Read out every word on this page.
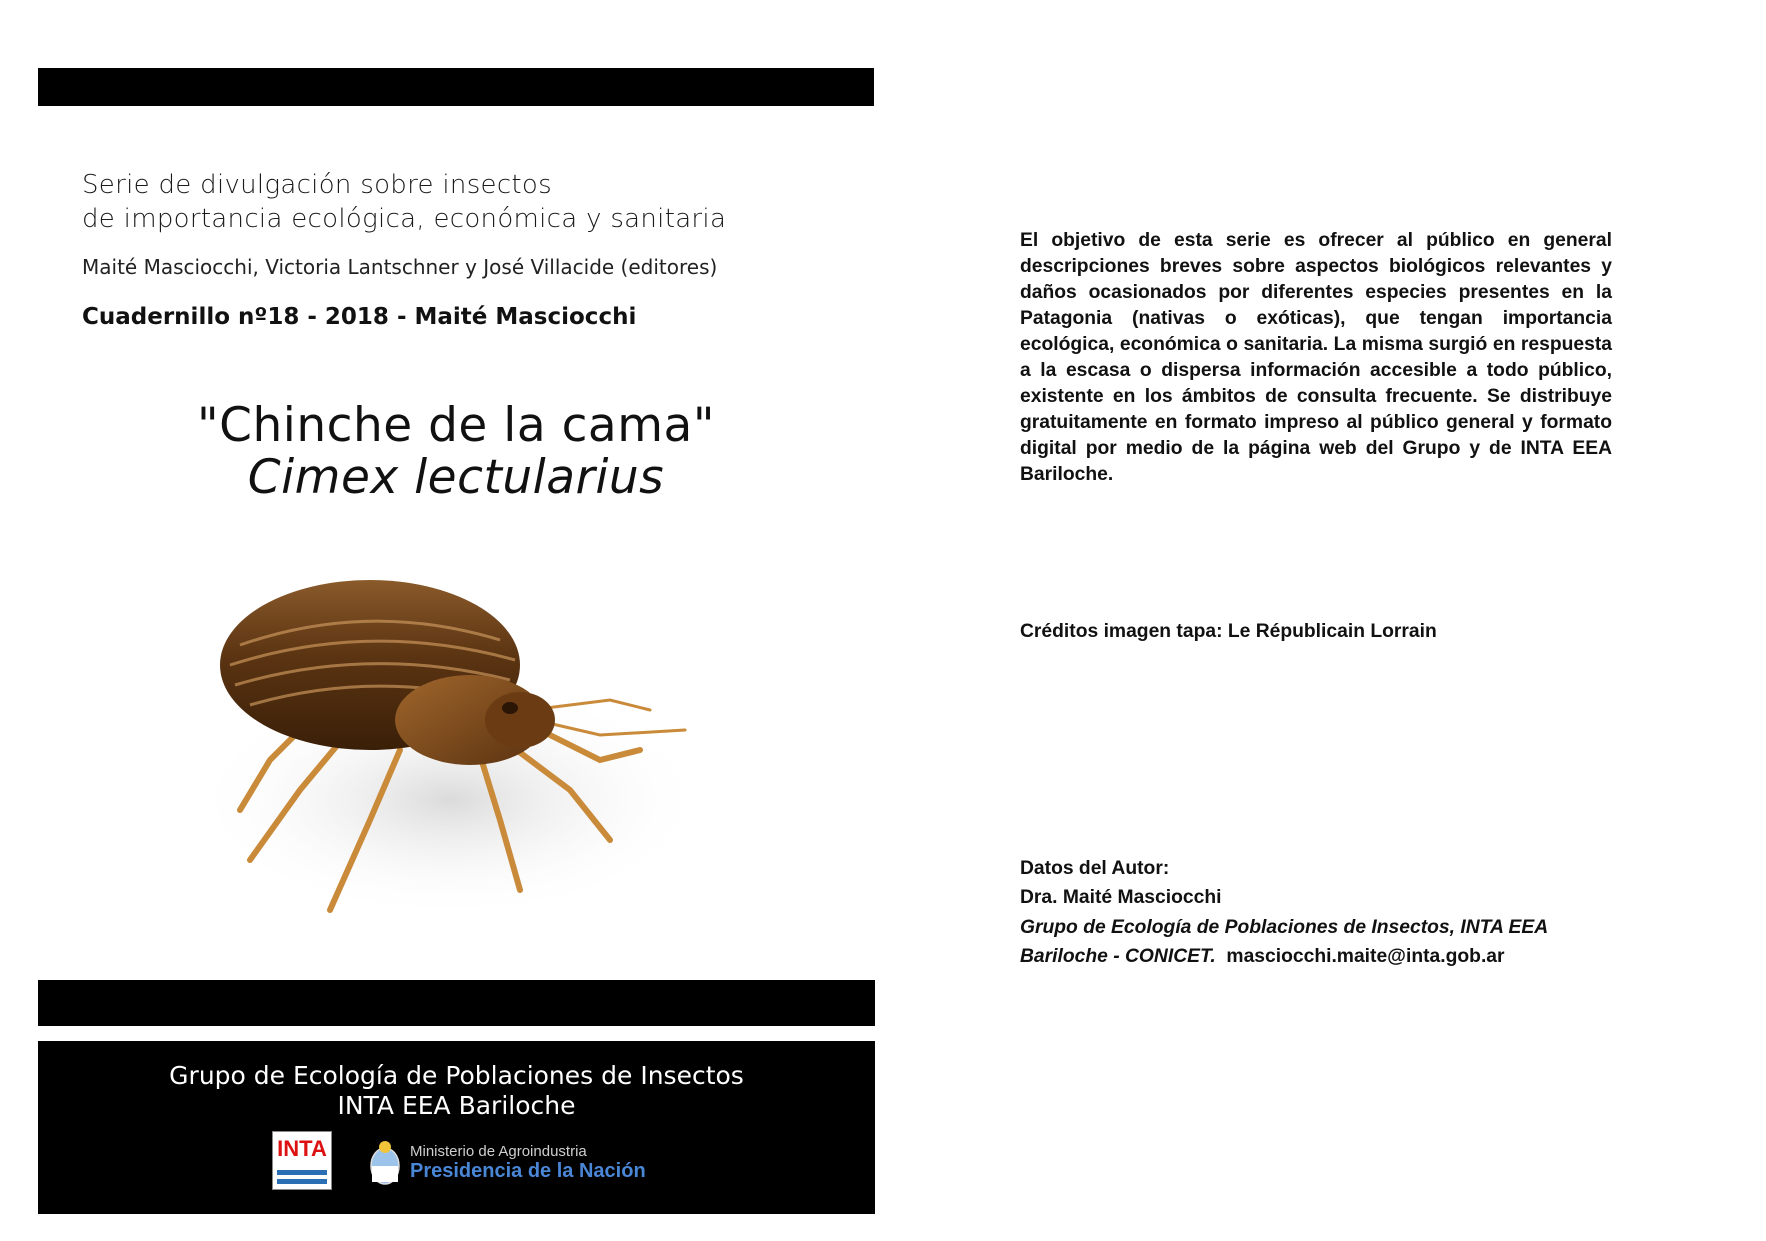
Serie de divulgación sobre insectos
de importancia ecológica, económica y sanitaria
Maité Masciocchi, Victoria Lantschner y José Villacide (editores)
Cuadernillo nº18 - 2018 - Maité Masciocchi
"Chinche de la cama"
Cimex lectularius
Grupo de Ecología de Poblaciones de Insectos
INTA EEA Bariloche
INTA	Ministerio de Agroindustria
Presidencia de la Nación
El objetivo de esta serie es ofrecer al público en general descripciones breves sobre aspectos biológicos relevantes y daños ocasionados por diferentes especies presentes en la Patagonia (nativas o exóticas), que tengan importancia ecológica, económica o sanitaria. La misma surgió en respuesta a la escasa o dispersa información accesible a todo público, existente en los ámbitos de consulta frecuente. Se distribuye gratuitamente en formato impreso al público general y formato digital por medio de la página web del Grupo y de INTA EEA Bariloche.
Créditos imagen tapa: Le Républicain Lorrain
Datos del Autor:
Dra. Maité Masciocchi
Grupo de Ecología de Poblaciones de Insectos, INTA EEA
Bariloche - CONICET. masciocchi.maite@inta.gob.ar
